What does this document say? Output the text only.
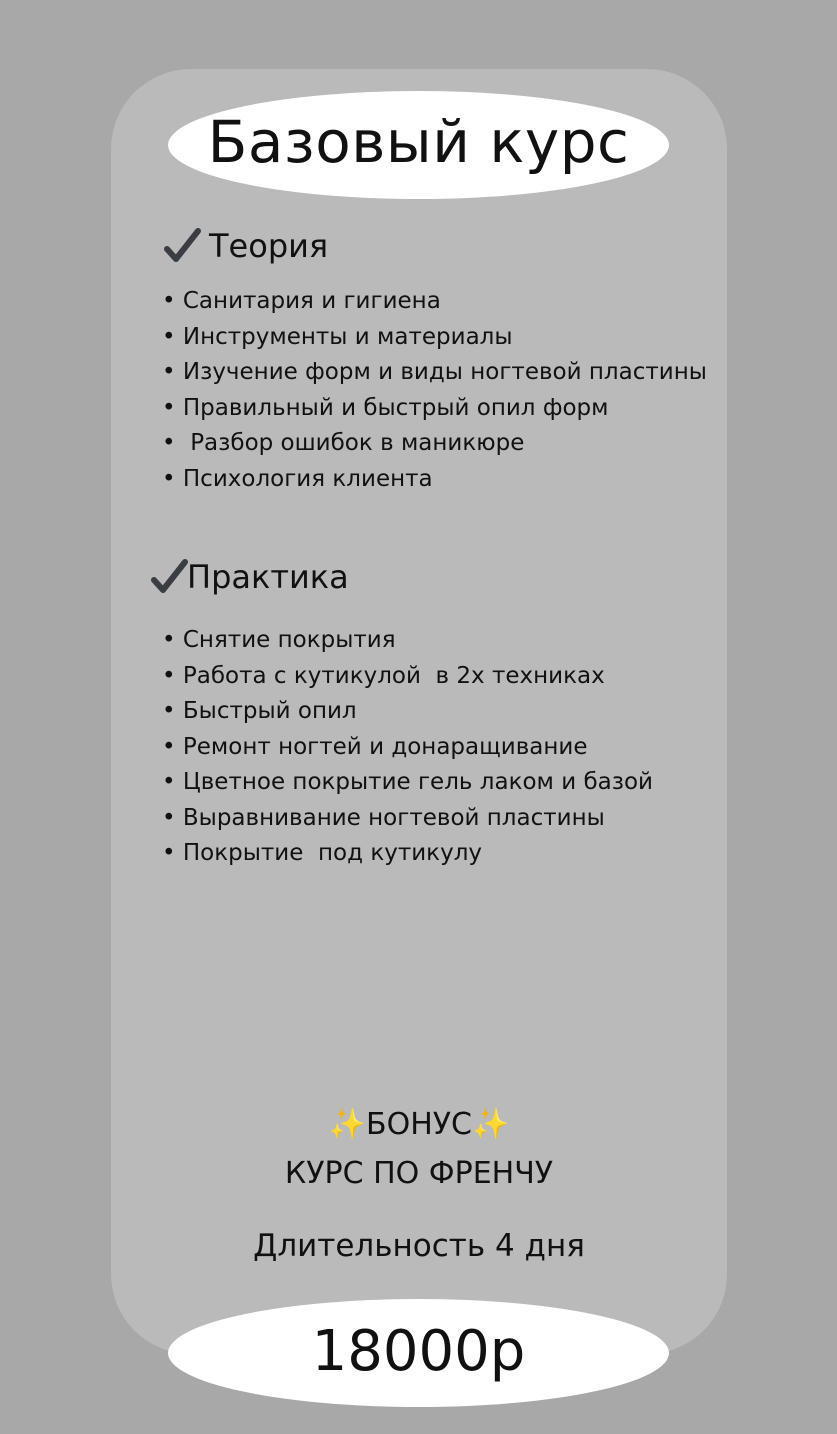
Базовый курс
Теория
• Санитария и гигиена
• Инструменты и материалы
• Изучение форм и виды ногтевой пластины
• Правильный и быстрый опил форм
•  Разбор ошибок в маникюре
• Психология клиента
Практика
• Снятие покрытия
• Работа с кутикулой  в 2х техниках
• Быстрый опил
• Ремонт ногтей и донаращивание
• Цветное покрытие гель лаком и базой
• Выравнивание ногтевой пластины
• Покрытие  под кутикулу
✨БОНУС✨
КУРС ПО ФРЕНЧУ
Длительность 4 дня
18000р
